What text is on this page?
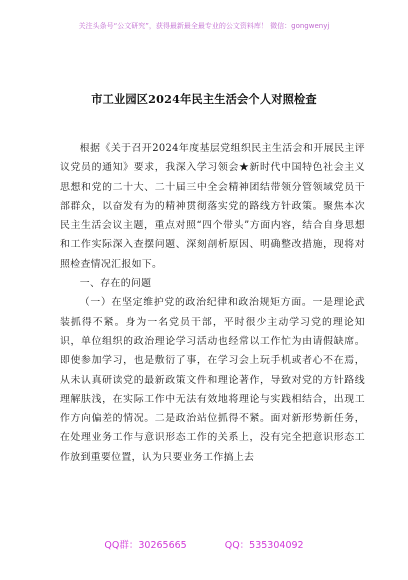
关注头条号“公文研究”，获得最新最全最专业的公文资料库！ 微信：gongwenyj
市工业园区2024年民主生活会个人对照检查

根据《关于召开2024年度基层党组织民主生活会和开展民主评议党员的通知》要求，我深入学习领会★新时代中国特色社会主义思想和党的二十大、二十届三中全会精神团结带领分管领域党员干部群众，以奋发有为的精神贯彻落实党的路线方针政策。聚焦本次民主生活会议主题，重点对照“四个带头”方面内容，结合自身思想和工作实际深入查摆问题、深刻剖析原因、明确整改措施，现将对照检查情况汇报如下。

一、存在的问题

（一）在坚定维护党的政治纪律和政治规矩方面。一是理论武装抓得不紧。身为一名党员干部，平时很少主动学习党的理论知识，单位组织的政治理论学习活动也经常以工作忙为由请假缺席。即使参加学习，也是敷衍了事，在学习会上玩手机或者心不在焉，从未认真研读党的最新政策文件和理论著作，导致对党的方针路线理解肤浅，在实际工作中无法有效地将理论与实践相结合，出现工作方向偏差的情况。二是政治站位抓得不紧。面对新形势新任务，在处理业务工作与意识形态工作的关系上，没有完全把意识形态工作放到重要位置，认为只要业务工作搞上去

QQ群：30265665	QQ：535304092
